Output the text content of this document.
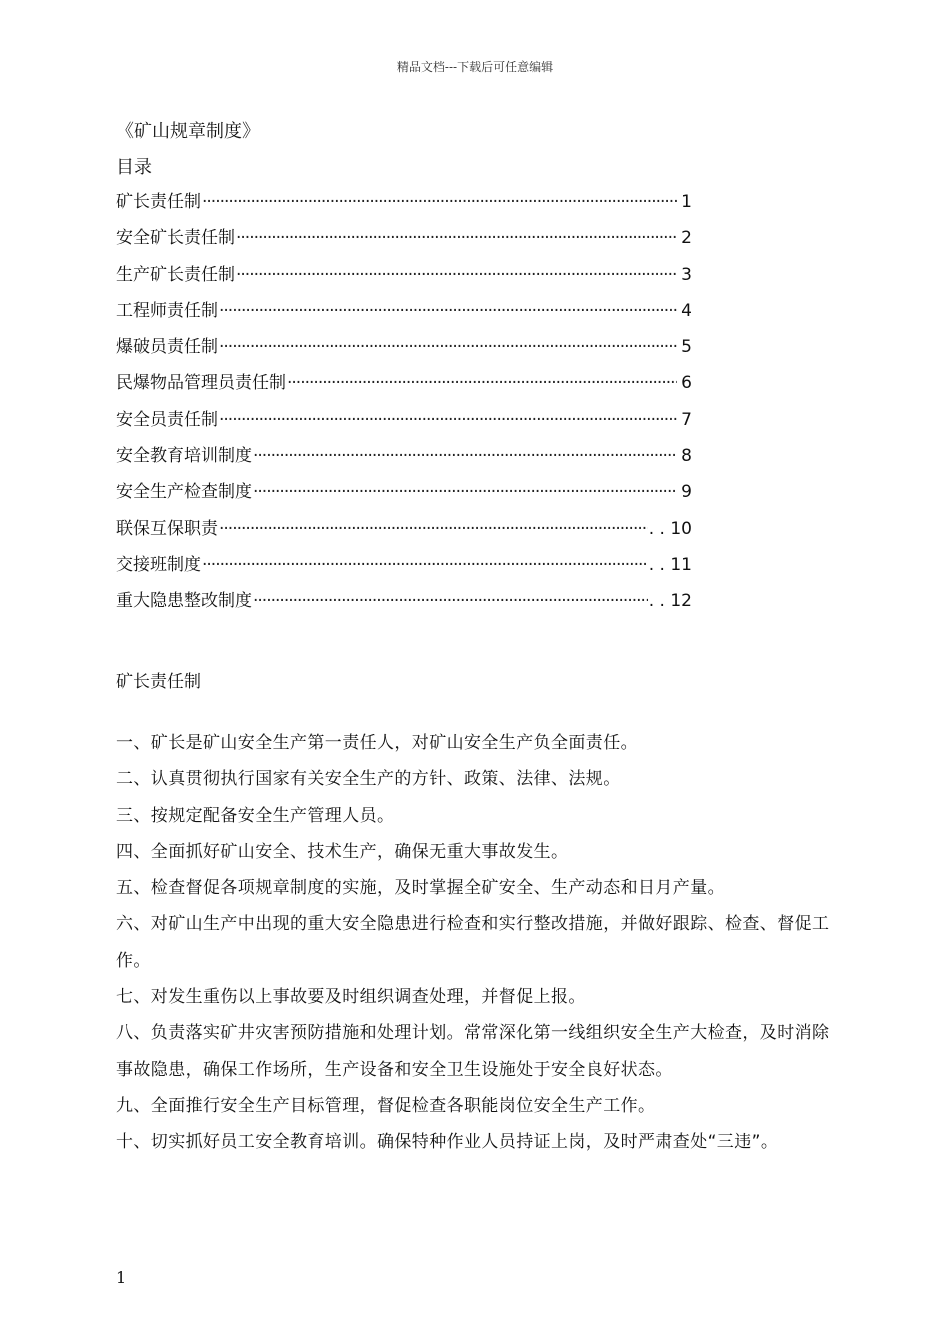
精品文档---下载后可任意编辑
《矿山规章制度》
目录
矿长责任制 ·····	1
安全矿长责任制 ·····	2
生产矿长责任制 ·····	3
工程师责任制 ·····	4
爆破员责任制 ·····	5
民爆物品管理员责任制 ·····	6
安全员责任制 ·····	7
安全教育培训制度 ·····	8
安全生产检查制度 ·····	9
联保互保职责 ·····	. . 10
交接班制度 ·····	. . 11
重大隐患整改制度 ·····	. . 12
矿长责任制

一、矿长是矿山安全生产第一责任人，对矿山安全生产负全面责任。

二、认真贯彻执行国家有关安全生产的方针、政策、法律、法规。

三、按规定配备安全生产管理人员。

四、全面抓好矿山安全、技术生产，确保无重大事故发生。

五、检查督促各项规章制度的实施，及时掌握全矿安全、生产动态和日月产量。

六、对矿山生产中出现的重大安全隐患进行检查和实行整改措施，并做好跟踪、检查、督促工作。

七、对发生重伤以上事故要及时组织调查处理，并督促上报。

八、负责落实矿井灾害预防措施和处理计划。常常深化第一线组织安全生产大检查，及时消除事故隐患，确保工作场所，生产设备和安全卫生设施处于安全良好状态。

九、全面推行安全生产目标管理，督促检查各职能岗位安全生产工作。

十、切实抓好员工安全教育培训。确保特种作业人员持证上岗，及时严肃查处“三违”。

1
